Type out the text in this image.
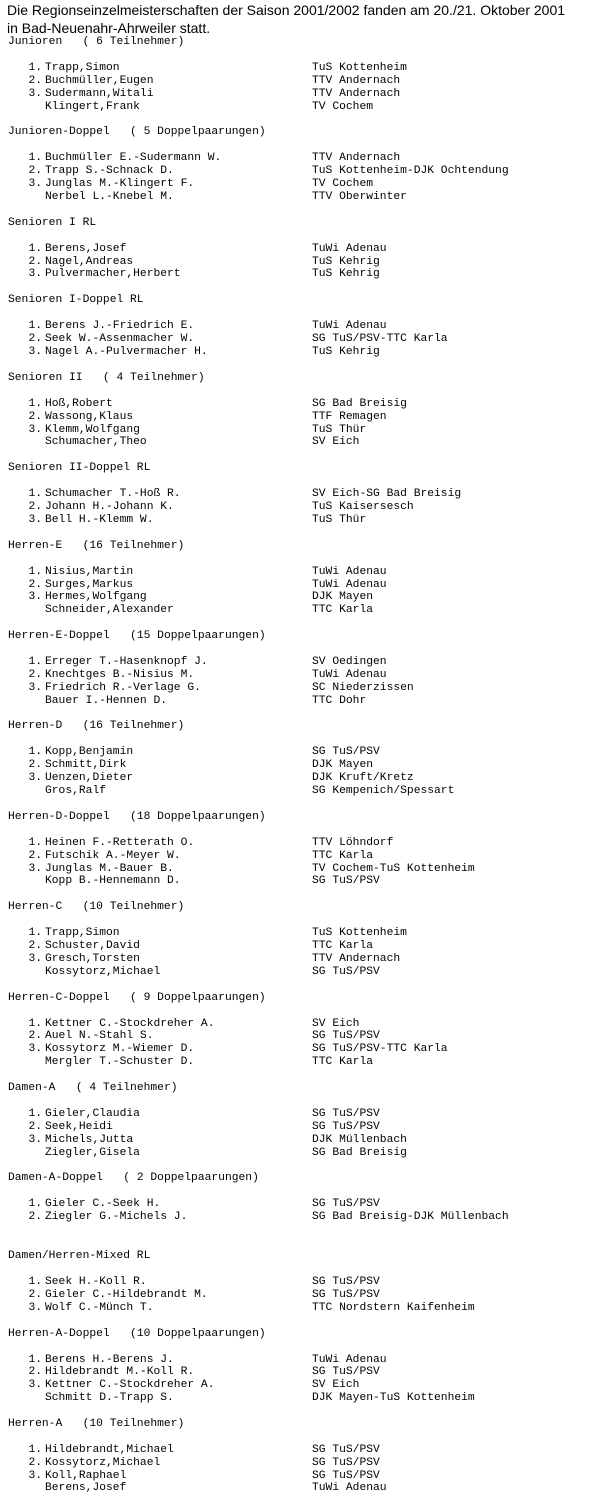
Die Regionseinzelmeisterschaften der Saison 2001/2002 fanden am 20./21. Oktober 2001
in Bad-Neuenahr-Ahrweiler statt.
Junioren ( 6 Teilnehmer)
1. Trapp,Simon	TuS Kottenheim
2. Buchmüller,Eugen	TTV Andernach
3. Sudermann,Witali	TTV Andernach
Klingert,Frank	TV Cochem
Junioren-Doppel ( 5 Doppelpaarungen)
1. Buchmüller E.-Sudermann W.	TTV Andernach
2. Trapp S.-Schnack D.	TuS Kottenheim-DJK Ochtendung
3. Junglas M.-Klingert F.	TV Cochem
Nerbel L.-Knebel M.	TTV Oberwinter
Senioren I RL
1. Berens,Josef	TuWi Adenau
2. Nagel,Andreas	TuS Kehrig
3. Pulvermacher,Herbert	TuS Kehrig
Senioren I-Doppel RL
1. Berens J.-Friedrich E.	TuWi Adenau
2. Seek W.-Assenmacher W.	SG TuS/PSV-TTC Karla
3. Nagel A.-Pulvermacher H.	TuS Kehrig
Senioren II ( 4 Teilnehmer)
1. Hoß,Robert	SG Bad Breisig
2. Wassong,Klaus	TTF Remagen
3. Klemm,Wolfgang	TuS Thür
Schumacher,Theo	SV Eich
Senioren II-Doppel RL
1. Schumacher T.-Hoß R.	SV Eich-SG Bad Breisig
2. Johann H.-Johann K.	TuS Kaisersesch
3. Bell H.-Klemm W.	TuS Thür
Herren-E (16 Teilnehmer)
1. Nisius,Martin	TuWi Adenau
2. Surges,Markus	TuWi Adenau
3. Hermes,Wolfgang	DJK Mayen
Schneider,Alexander	TTC Karla
Herren-E-Doppel (15 Doppelpaarungen)
1. Erreger T.-Hasenknopf J.	SV Oedingen
2. Knechtges B.-Nisius M.	TuWi Adenau
3. Friedrich R.-Verlage G.	SC Niederzissen
Bauer I.-Hennen D.	TTC Dohr
Herren-D (16 Teilnehmer)
1. Kopp,Benjamin	SG TuS/PSV
2. Schmitt,Dirk	DJK Mayen
3. Uenzen,Dieter	DJK Kruft/Kretz
Gros,Ralf	SG Kempenich/Spessart
Herren-D-Doppel (18 Doppelpaarungen)
1. Heinen F.-Retterath O.	TTV Löhndorf
2. Futschik A.-Meyer W.	TTC Karla
3. Junglas M.-Bauer B.	TV Cochem-TuS Kottenheim
Kopp B.-Hennemann D.	SG TuS/PSV
Herren-C (10 Teilnehmer)
1. Trapp,Simon	TuS Kottenheim
2. Schuster,David	TTC Karla
3. Gresch,Torsten	TTV Andernach
Kossytorz,Michael	SG TuS/PSV
Herren-C-Doppel ( 9 Doppelpaarungen)
1. Kettner C.-Stockdreher A.	SV Eich
2. Auel N.-Stahl S.	SG TuS/PSV
3. Kossytorz M.-Wiemer D.	SG TuS/PSV-TTC Karla
Mergler T.-Schuster D.	TTC Karla
Damen-A ( 4 Teilnehmer)
1. Gieler,Claudia	SG TuS/PSV
2. Seek,Heidi	SG TuS/PSV
3. Michels,Jutta	DJK Müllenbach
Ziegler,Gisela	SG Bad Breisig
Damen-A-Doppel ( 2 Doppelpaarungen)
1. Gieler C.-Seek H.	SG TuS/PSV
2. Ziegler G.-Michels J.	SG Bad Breisig-DJK Müllenbach
Damen/Herren-Mixed RL
1. Seek H.-Koll R.	SG TuS/PSV
2. Gieler C.-Hildebrandt M.	SG TuS/PSV
3. Wolf C.-Münch T.	TTC Nordstern Kaifenheim
Herren-A-Doppel (10 Doppelpaarungen)
1. Berens H.-Berens J.	TuWi Adenau
2. Hildebrandt M.-Koll R.	SG TuS/PSV
3. Kettner C.-Stockdreher A.	SV Eich
Schmitt D.-Trapp S.	DJK Mayen-TuS Kottenheim
Herren-A (10 Teilnehmer)
1. Hildebrandt,Michael	SG TuS/PSV
2. Kossytorz,Michael	SG TuS/PSV
3. Koll,Raphael	SG TuS/PSV
Berens,Josef	TuWi Adenau
